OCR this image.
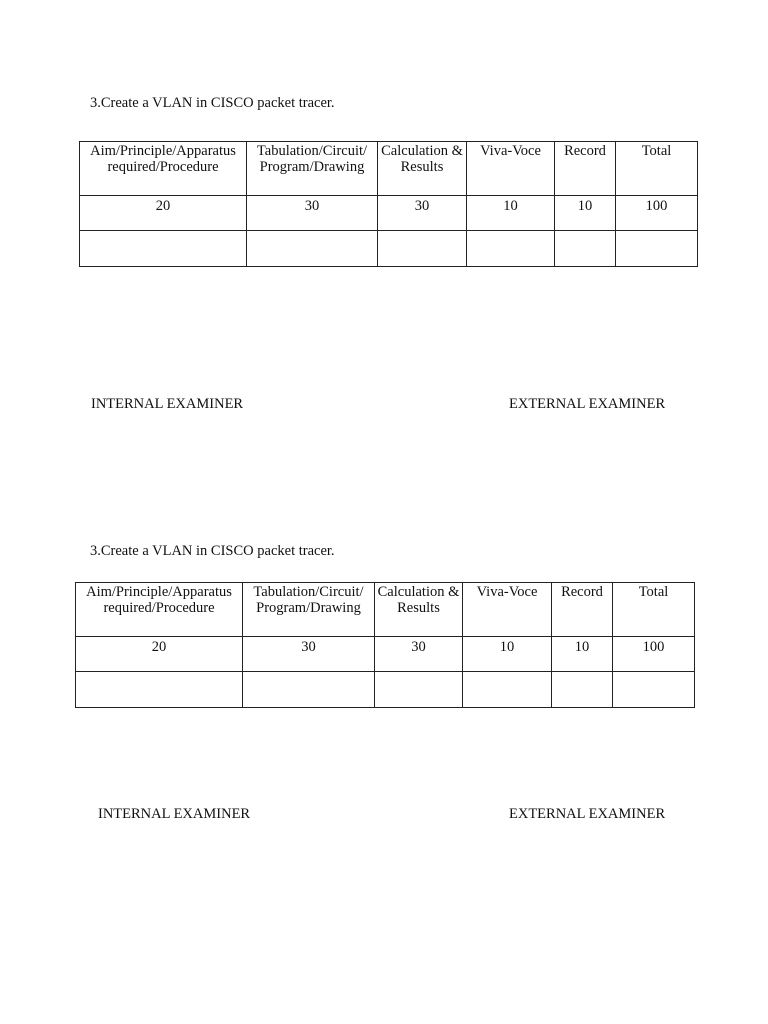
3.Create a VLAN in CISCO packet tracer.
Aim/Principle/Apparatus required/Procedure	Tabulation/Circuit/ Program/Drawing	Calculation & Results	Viva-Voce	Record	Total
20	30	30	10	10	100

INTERNAL EXAMINER	EXTERNAL EXAMINER
3.Create a VLAN in CISCO packet tracer.
Aim/Principle/Apparatus required/Procedure	Tabulation/Circuit/ Program/Drawing	Calculation & Results	Viva-Voce	Record	Total
20	30	30	10	10	100

INTERNAL EXAMINER	EXTERNAL EXAMINER
